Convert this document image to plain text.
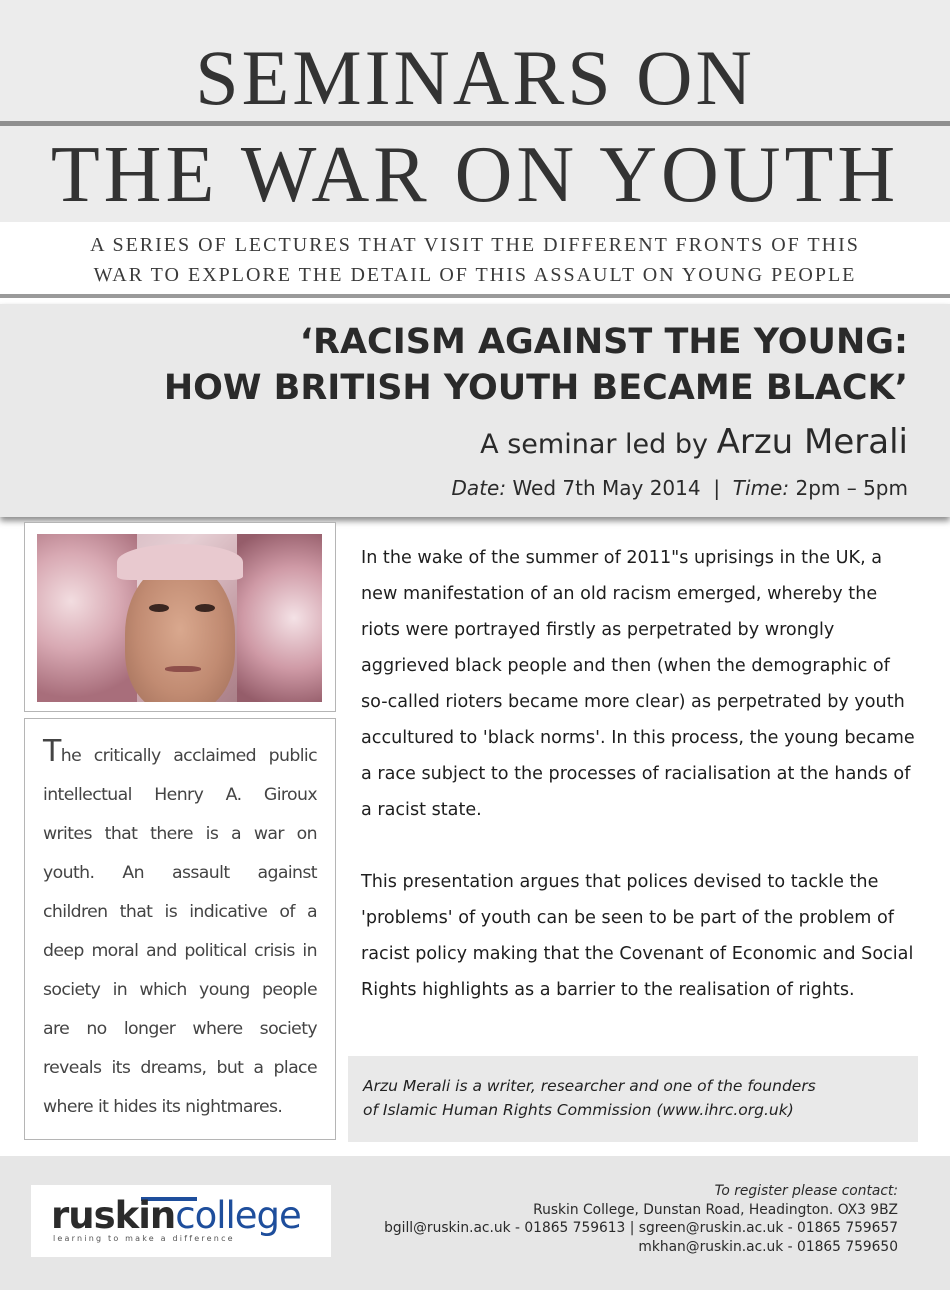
SEMINARS ON
THE WAR ON YOUTH
A SERIES OF LECTURES THAT VISIT THE DIFFERENT FRONTS OF THIS
WAR TO EXPLORE THE DETAIL OF THIS ASSAULT ON YOUNG PEOPLE
‘RACISM AGAINST THE YOUNG:
HOW BRITISH YOUTH BECAME BLACK’
A seminar led by Arzu Merali
Date: Wed 7th May 2014 | Time: 2pm – 5pm
The critically acclaimed public intellectual Henry A. Giroux writes that there is a war on youth. An assault against children that is indicative of a deep moral and political crisis in society in which young people are no longer where society reveals its dreams, but a place where it hides its nightmares.

In the wake of the summer of 2011"s uprisings in the UK, a new manifestation of an old racism emerged, whereby the riots were portrayed firstly as perpetrated by wrongly aggrieved black people and then (when the demographic of so-called rioters became more clear) as perpetrated by youth accultured to 'black norms'. In this process, the young became a race subject to the processes of racialisation at the hands of a racist state.

This presentation argues that polices devised to tackle the 'problems' of youth can be seen to be part of the problem of racist policy making that the Covenant of Economic and Social Rights highlights as a barrier to the realisation of rights.

Arzu Merali is a writer, researcher and one of the founders
of Islamic Human Rights Commission (www.ihrc.org.uk)
ruskincollege
learning to make a difference
To register please contact:
Ruskin College, Dunstan Road, Headington. OX3 9BZ
bgill@ruskin.ac.uk - 01865 759613 | sgreen@ruskin.ac.uk - 01865 759657
mkhan@ruskin.ac.uk - 01865 759650
